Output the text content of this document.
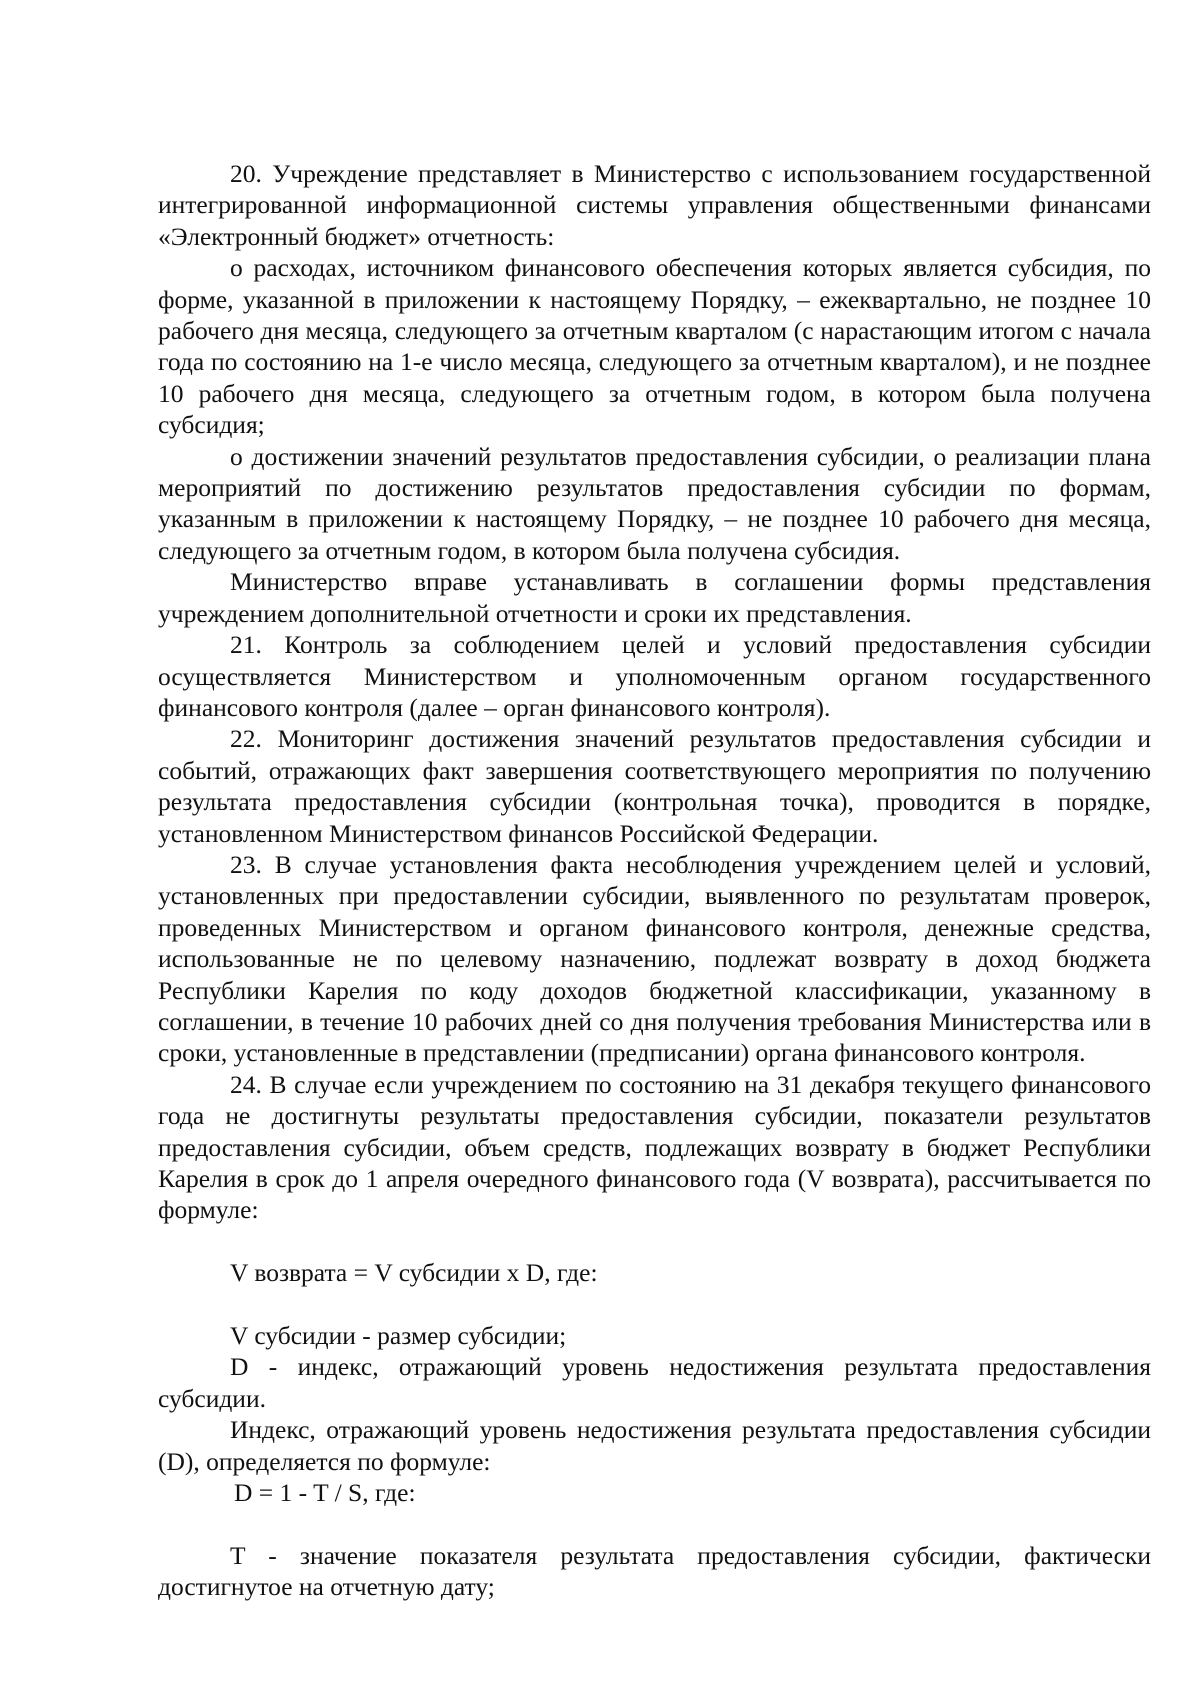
20. Учреждение представляет в Министерство с использованием государственной интегрированной информационной системы управления общественными финансами «Электронный бюджет» отчетность:

о расходах, источником финансового обеспечения которых является субсидия, по форме, указанной в приложении к настоящему Порядку, – ежеквартально, не позднее 10 рабочего дня месяца, следующего за отчетным кварталом (с нарастающим итогом с начала года по состоянию на 1-е число месяца, следующего за отчетным кварталом), и не позднее 10 рабочего дня месяца, следующего за отчетным годом, в котором была получена субсидия;

о достижении значений результатов предоставления субсидии, о реализации плана мероприятий по достижению результатов предоставления субсидии по формам, указанным в приложении к настоящему Порядку, – не позднее 10 рабочего дня месяца, следующего за отчетным годом, в котором была получена субсидия.

Министерство вправе устанавливать в соглашении формы представления учреждением дополнительной отчетности и сроки их представления.

21. Контроль за соблюдением целей и условий предоставления субсидии осуществляется Министерством и уполномоченным органом государственного финансового контроля (далее – орган финансового контроля).

22. Мониторинг достижения значений результатов предоставления субсидии и событий, отражающих факт завершения соответствующего мероприятия по получению результата предоставления субсидии (контрольная точка), проводится в порядке, установленном Министерством финансов Российской Федерации.

23. В случае установления факта несоблюдения учреждением целей и условий, установленных при предоставлении субсидии, выявленного по результатам проверок, проведенных Министерством и органом финансового контроля, денежные средства, использованные не по целевому назначению, подлежат возврату в доход бюджета Республики Карелия по коду доходов бюджетной классификации, указанному в соглашении, в течение 10 рабочих дней со дня получения требования Министерства или в сроки, установленные в представлении (предписании) органа финансового контроля.

24. В случае если учреждением по состоянию на 31 декабря текущего финансового года не достигнуты результаты предоставления субсидии, показатели результатов предоставления субсидии, объем средств, подлежащих возврату в бюджет Республики Карелия в срок до 1 апреля очередного финансового года (V возврата), рассчитывается по формуле:

V возврата = V субсидии x D, где:

V субсидии - размер субсидии;

D - индекс, отражающий уровень недостижения результата предоставления субсидии.

Индекс, отражающий уровень недостижения результата предоставления субсидии (D), определяется по формуле:

D = 1 - T / S, где:

T - значение показателя результата предоставления субсидии, фактически достигнутое на отчетную дату;
